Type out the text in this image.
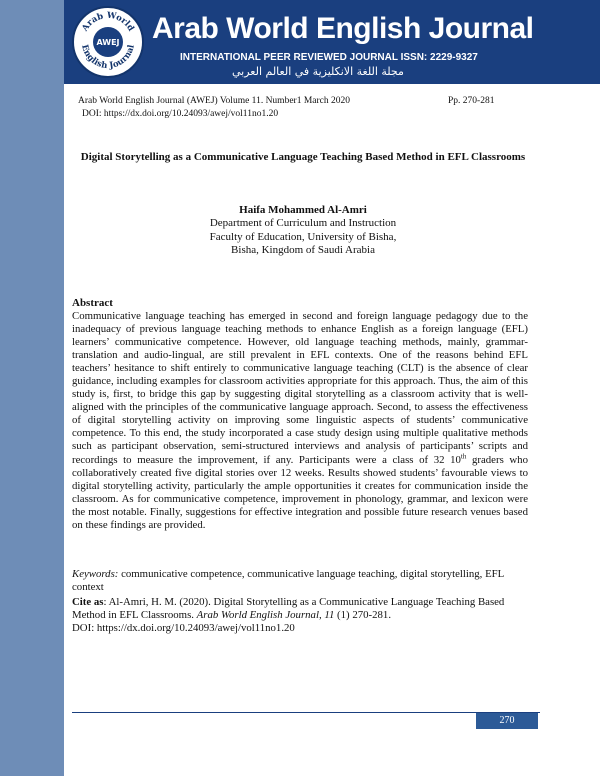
Arab World
English Journal
AWEJ Arab World English Journal
INTERNATIONAL PEER REVIEWED JOURNAL ISSN: 2229-9327
مجلة اللغة الانكليزية في العالم العربي
Arab World English Journal (AWEJ) Volume 11. Number1 March 2020	Pp. 270-281
DOI: https://dx.doi.org/10.24093/awej/vol11no1.20
Digital Storytelling as a Communicative Language Teaching Based Method in EFL Classrooms
Haifa Mohammed Al-Amri
Department of Curriculum and Instruction
Faculty of Education, University of Bisha,
Bisha, Kingdom of Saudi Arabia
Abstract
Communicative language teaching has emerged in second and foreign language pedagogy due to the inadequacy of previous language teaching methods to enhance English as a foreign language (EFL) learners’ communicative competence. However, old language teaching methods, mainly, grammar-translation and audio-lingual, are still prevalent in EFL contexts. One of the reasons behind EFL teachers’ hesitance to shift entirely to communicative language teaching (CLT) is the absence of clear guidance, including examples for classroom activities appropriate for this approach. Thus, the aim of this study is, first, to bridge this gap by suggesting digital storytelling as a classroom activity that is well-aligned with the principles of the communicative language approach. Second, to assess the effectiveness of digital storytelling activity on improving some linguistic aspects of students’ communicative competence. To this end, the study incorporated a case study design using multiple qualitative methods such as participant observation, semi-structured interviews and analysis of participants’ scripts and recordings to measure the improvement, if any. Participants were a class of 32 10th graders who collaboratively created five digital stories over 12 weeks. Results showed students’ favourable views to digital storytelling activity, particularly the ample opportunities it creates for communication inside the classroom. As for communicative competence, improvement in phonology, grammar, and lexicon were the most notable. Finally, suggestions for effective integration and possible future research venues based on these findings are provided.
Keywords: communicative competence, communicative language teaching, digital storytelling, EFL context
Cite as: Al-Amri, H. M. (2020). Digital Storytelling as a Communicative Language Teaching Based Method in EFL Classrooms. Arab World English Journal, 11 (1) 270-281.
DOI: https://dx.doi.org/10.24093/awej/vol11no1.20
270
